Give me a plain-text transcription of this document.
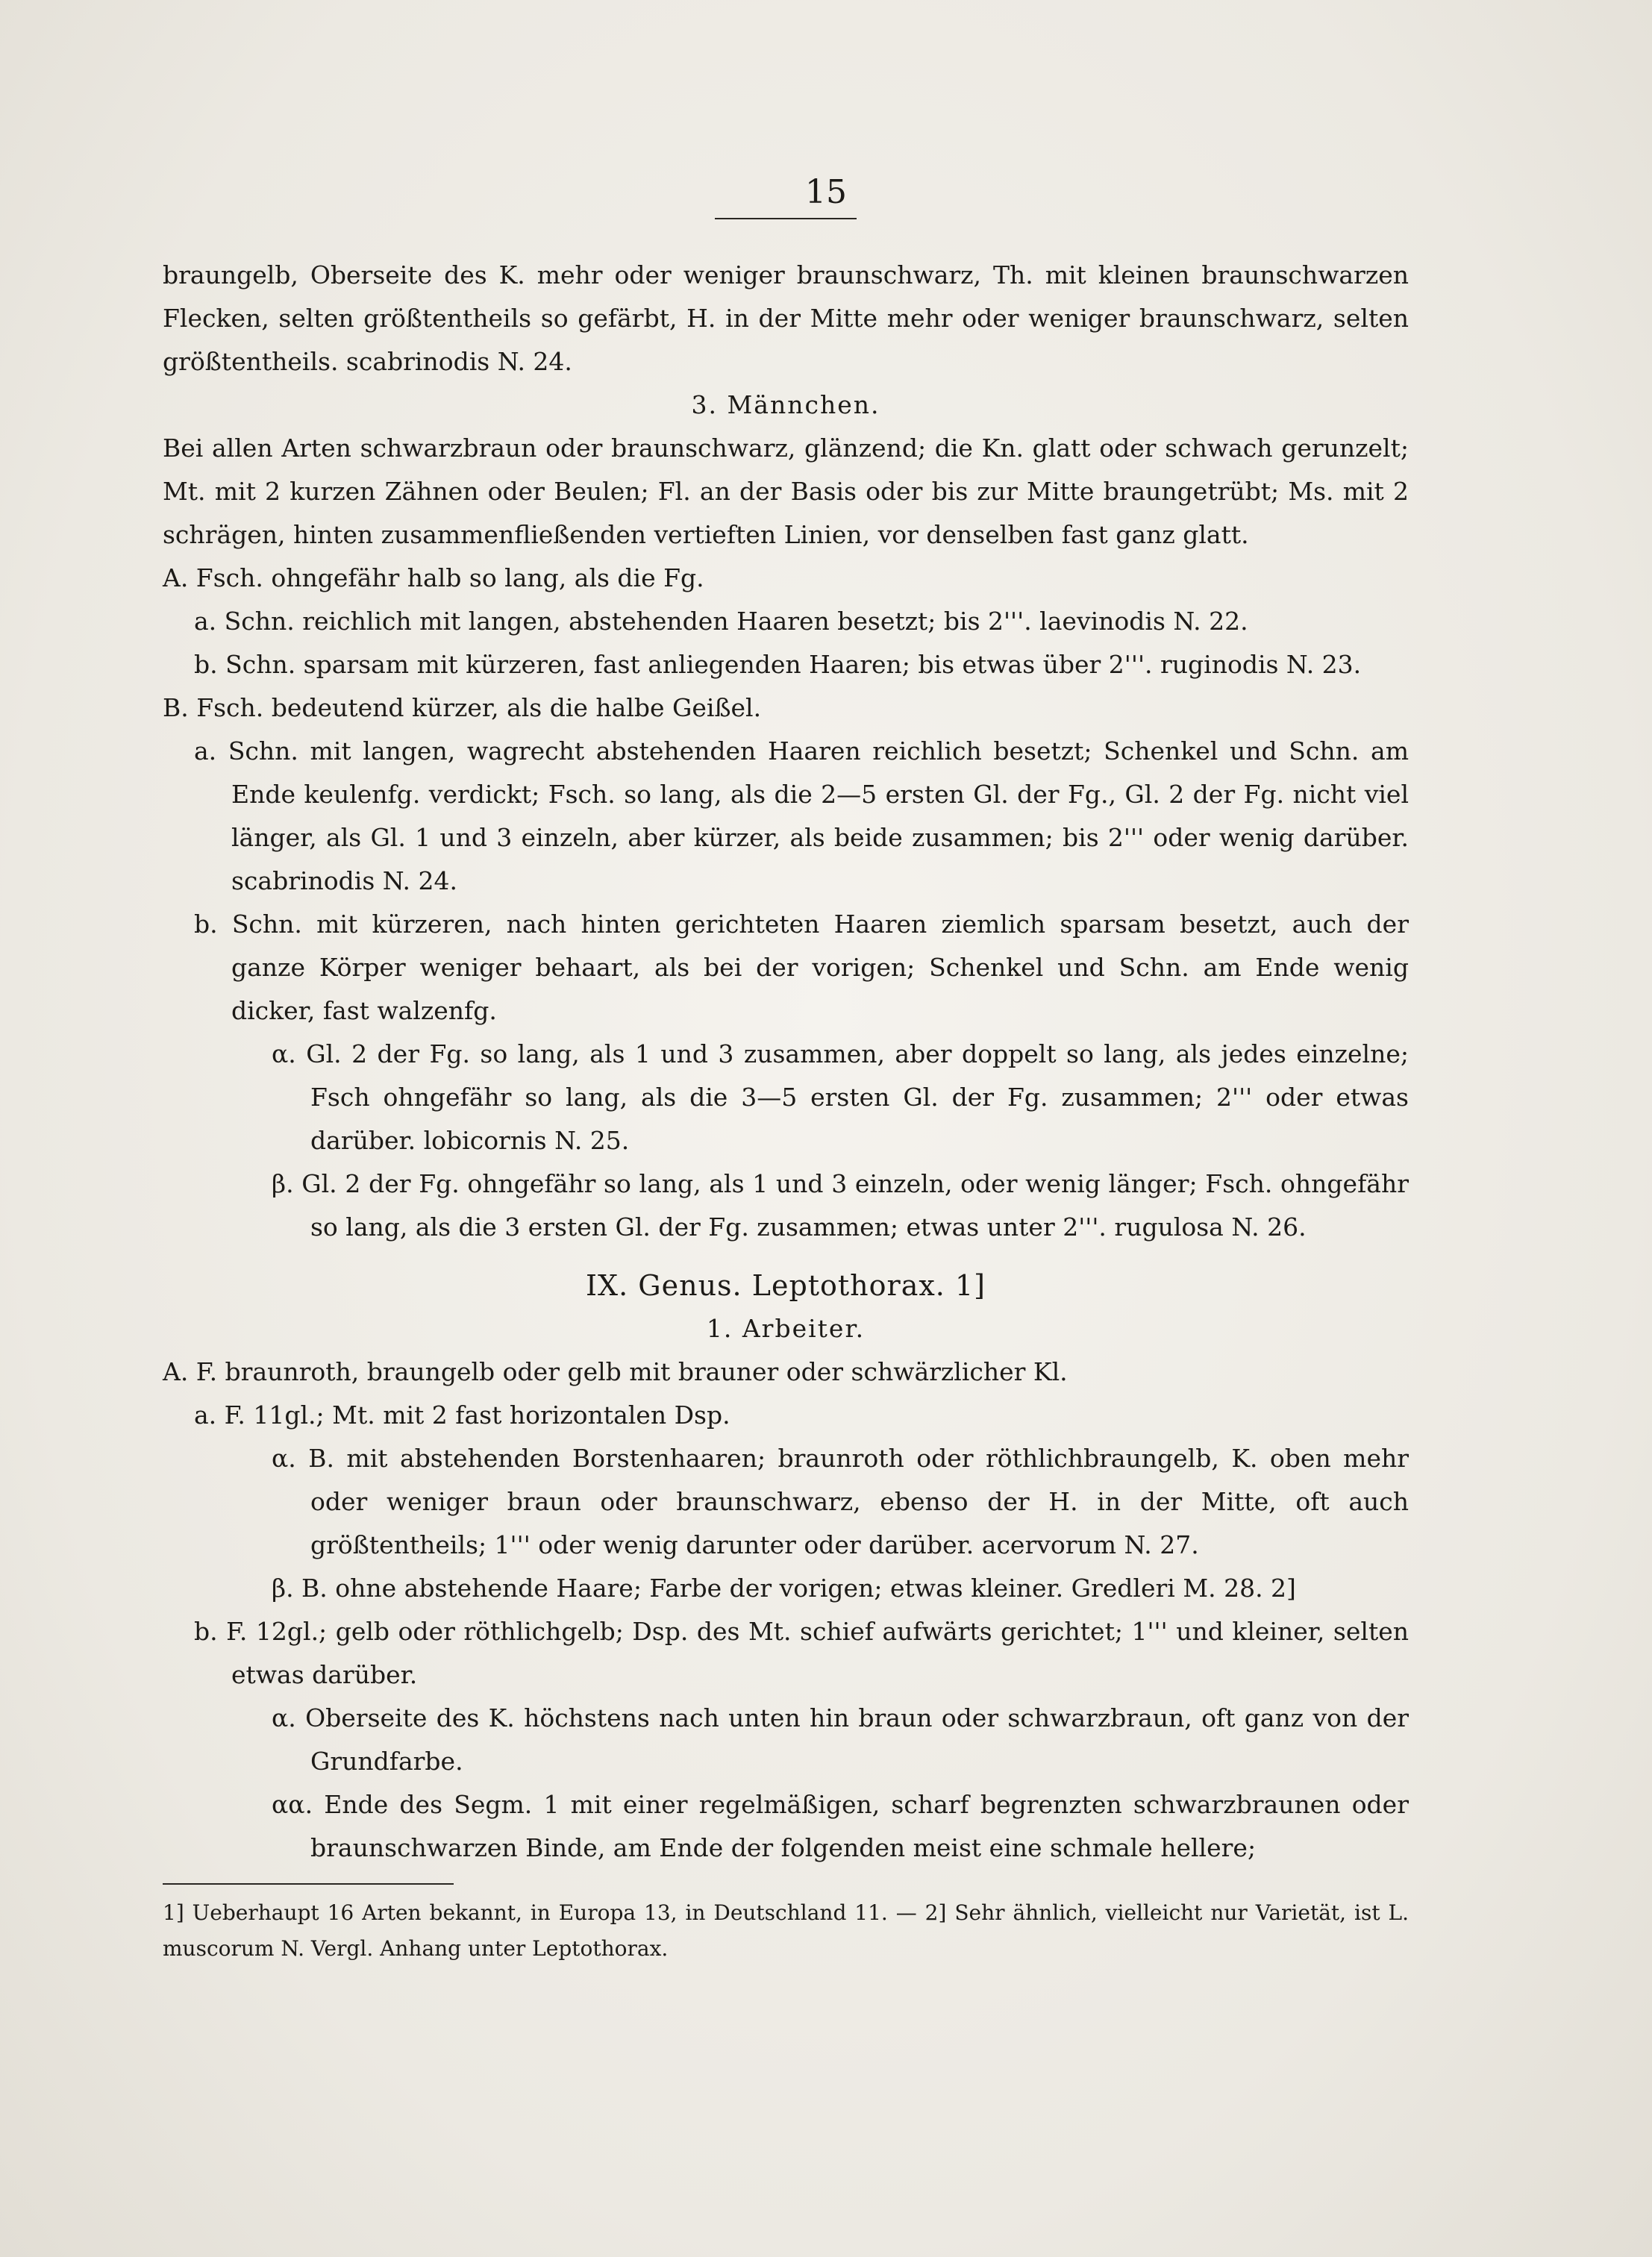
15

braungelb, Oberseite des K. mehr oder weniger braunschwarz, Th. mit kleinen braunschwarzen Flecken, selten größtentheils so gefärbt, H. in der Mitte mehr oder weniger braunschwarz, selten größtentheils. scabrinodis N. 24.

3. Männchen.

Bei allen Arten schwarzbraun oder braunschwarz, glänzend; die Kn. glatt oder schwach gerunzelt; Mt. mit 2 kurzen Zähnen oder Beulen; Fl. an der Basis oder bis zur Mitte braungetrübt; Ms. mit 2 schrägen, hinten zusammenfließenden vertieften Linien, vor denselben fast ganz glatt.

A. Fsch. ohngefähr halb so lang, als die Fg.

a. Schn. reichlich mit langen, abstehenden Haaren besetzt; bis 2'''. laevinodis N. 22.

b. Schn. sparsam mit kürzeren, fast anliegenden Haaren; bis etwas über 2'''. ruginodis N. 23.

B. Fsch. bedeutend kürzer, als die halbe Geißel.

a. Schn. mit langen, wagrecht abstehenden Haaren reichlich besetzt; Schenkel und Schn. am Ende keulenfg. verdickt; Fsch. so lang, als die 2—5 ersten Gl. der Fg., Gl. 2 der Fg. nicht viel länger, als Gl. 1 und 3 einzeln, aber kürzer, als beide zusammen; bis 2''' oder wenig darüber. scabrinodis N. 24.

b. Schn. mit kürzeren, nach hinten gerichteten Haaren ziemlich sparsam besetzt, auch der ganze Körper weniger behaart, als bei der vorigen; Schenkel und Schn. am Ende wenig dicker, fast walzenfg.

α. Gl. 2 der Fg. so lang, als 1 und 3 zusammen, aber doppelt so lang, als jedes einzelne; Fsch ohngefähr so lang, als die 3—5 ersten Gl. der Fg. zusammen; 2''' oder etwas darüber. lobicornis N. 25.

β. Gl. 2 der Fg. ohngefähr so lang, als 1 und 3 einzeln, oder wenig länger; Fsch. ohngefähr so lang, als die 3 ersten Gl. der Fg. zusammen; etwas unter 2'''. rugulosa N. 26.

IX. Genus. Leptothorax. 1]

1. Arbeiter.

A. F. braunroth, braungelb oder gelb mit brauner oder schwärzlicher Kl.

a. F. 11gl.; Mt. mit 2 fast horizontalen Dsp.

α. B. mit abstehenden Borstenhaaren; braunroth oder röthlichbraungelb, K. oben mehr oder weniger braun oder braunschwarz, ebenso der H. in der Mitte, oft auch größtentheils; 1''' oder wenig darunter oder darüber. acervorum N. 27.

β. B. ohne abstehende Haare; Farbe der vorigen; etwas kleiner. Gredleri M. 28. 2]

b. F. 12gl.; gelb oder röthlichgelb; Dsp. des Mt. schief aufwärts gerichtet; 1''' und kleiner, selten etwas darüber.

α. Oberseite des K. höchstens nach unten hin braun oder schwarzbraun, oft ganz von der Grundfarbe.

αα. Ende des Segm. 1 mit einer regelmäßigen, scharf begrenzten schwarzbraunen oder braunschwarzen Binde, am Ende der folgenden meist eine schmale hellere;

1] Ueberhaupt 16 Arten bekannt, in Europa 13, in Deutschland 11. — 2] Sehr ähnlich, vielleicht nur Varietät, ist L. muscorum N. Vergl. Anhang unter Leptothorax.
